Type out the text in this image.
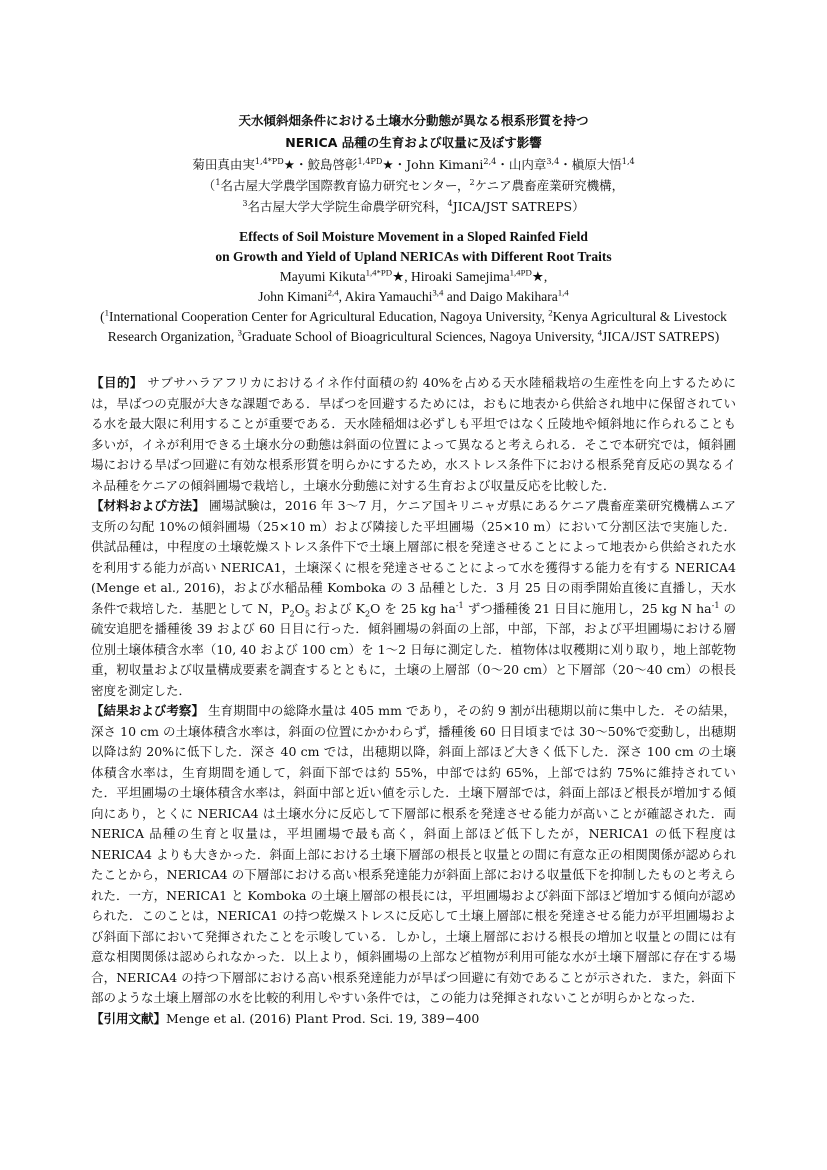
天水傾斜畑条件における土壌水分動態が異なる根系形質を持つ
NERICA 品種の生育および収量に及ぼす影響

菊田真由実$^{1,4*PD}$★・鮫島啓彰$^{1,4PD}$★・John Kimani$^{2,4}$・山内章$^{3,4}$・槇原大悟$^{1,4}$

（$^1$名古屋大学農学国際教育協力研究センター，$^2$ケニア農畜産業研究機構，
$^3$名古屋大学大学院生命農学研究科，$^4$JICA/JST SATREPS）

Effects of Soil Moisture Movement in a Sloped Rainfed Field
on Growth and Yield of Upland NERICAs with Different Root Traits

Mayumi Kikuta$^{1,4*PD}$★, Hiroaki Samejima$^{1,4PD}$★,
John Kimani$^{2,4}$, Akira Yamauchi$^{3,4}$ and Daigo Makihara$^{1,4}$

($^1$International Cooperation Center for Agricultural Education, Nagoya University, $^2$Kenya Agricultural & Livestock Research Organization, $^3$Graduate School of Bioagricultural Sciences, Nagoya University, $^4$JICA/JST SATREPS)

【目的】 サブサハラアフリカにおけるイネ作付面積の約 40%を占める天水陸稲栽培の生産性を向上するためには，旱ばつの克服が大きな課題である．旱ばつを回避するためには，おもに地表から供給され地中に保留されている水を最大限に利用することが重要である．天水陸稲畑は必ずしも平坦ではなく丘陵地や傾斜地に作られることも多いが，イネが利用できる土壌水分の動態は斜面の位置によって異なると考えられる．そこで本研究では，傾斜圃場における旱ばつ回避に有効な根系形質を明らかにするため，水ストレス条件下における根系発育反応の異なるイネ品種をケニアの傾斜圃場で栽培し，土壌水分動態に対する生育および収量反応を比較した．

【材料および方法】 圃場試験は，2016 年 3～7 月，ケニア国キリニャガ県にあるケニア農畜産業研究機構ムエア支所の勾配 10%の傾斜圃場（25×10 m）および隣接した平坦圃場（25×10 m）において分割区法で実施した．供試品種は，中程度の土壌乾燥ストレス条件下で土壌上層部に根を発達させることによって地表から供給された水を利用する能力が高い NERICA1，土壌深くに根を発達させることによって水を獲得する能力を有する NERICA4 (Menge et al., 2016)，および水稲品種 Komboka の 3 品種とした．3 月 25 日の雨季開始直後に直播し，天水条件で栽培した．基肥として N，$P_2O_5$ および $K_2O$ を 25 kg $ha^{-1}$ ずつ播種後 21 日目に施用し，25 kg N $ha^{-1}$ の硫安追肥を播種後 39 および 60 日目に行った．傾斜圃場の斜面の上部，中部，下部，および平坦圃場における層位別土壌体積含水率（10, 40 および 100 cm）を 1～2 日毎に測定した．植物体は収穫期に刈り取り，地上部乾物重，籾収量および収量構成要素を調査するとともに，土壌の上層部（0～20 cm）と下層部（20～40 cm）の根長密度を測定した．

【結果および考察】 生育期間中の総降水量は 405 mm であり，その約 9 割が出穂期以前に集中した．その結果，深さ 10 cm の土壌体積含水率は，斜面の位置にかかわらず，播種後 60 日目頃までは 30～50%で変動し，出穂期以降は約 20%に低下した．深さ 40 cm では，出穂期以降，斜面上部ほど大きく低下した．深さ 100 cm の土壌体積含水率は，生育期間を通して，斜面下部では約 55%，中部では約 65%，上部では約 75%に維持されていた．平坦圃場の土壌体積含水率は，斜面中部と近い値を示した．土壌下層部では，斜面上部ほど根長が増加する傾向にあり，とくに NERICA4 は土壌水分に反応して下層部に根系を発達させる能力が高いことが確認された．両 NERICA 品種の生育と収量は，平坦圃場で最も高く，斜面上部ほど低下したが，NERICA1 の低下程度は NERICA4 よりも大きかった．斜面上部における土壌下層部の根長と収量との間に有意な正の相関関係が認められたことから，NERICA4 の下層部における高い根系発達能力が斜面上部における収量低下を抑制したものと考えられた．一方，NERICA1 と Komboka の土壌上層部の根長には，平坦圃場および斜面下部ほど増加する傾向が認められた．このことは，NERICA1 の持つ乾燥ストレスに反応して土壌上層部に根を発達させる能力が平坦圃場および斜面下部において発揮されたことを示唆している．しかし，土壌上層部における根長の増加と収量との間には有意な相関関係は認められなかった．以上より，傾斜圃場の上部など植物が利用可能な水が土壌下層部に存在する場合，NERICA4 の持つ下層部における高い根系発達能力が旱ばつ回避に有効であることが示された．また，斜面下部のような土壌上層部の水を比較的利用しやすい条件では，この能力は発揮されないことが明らかとなった．

【引用文献】Menge et al. (2016) Plant Prod. Sci. 19, 389−400
